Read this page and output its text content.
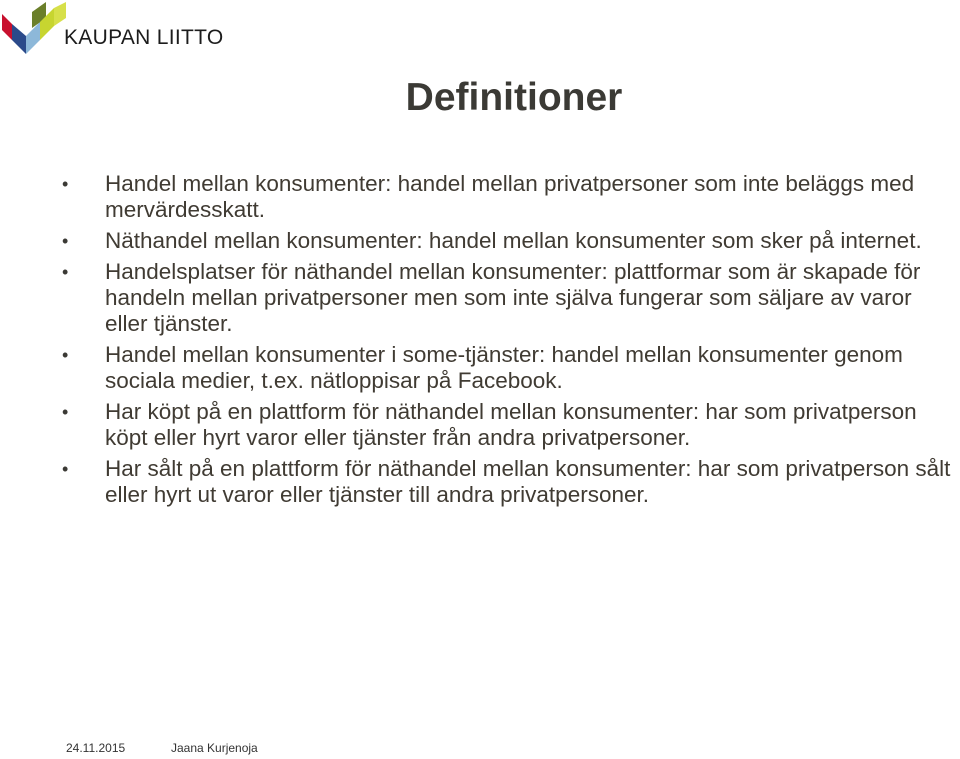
KAUPAN LIITTO
Definitioner
• Handel mellan konsumenter: handel mellan privatpersoner som inte beläggs med mervärdesskatt.
• Näthandel mellan konsumenter: handel mellan konsumenter som sker på internet.
• Handelsplatser för näthandel mellan konsumenter: plattformar som är skapade för handeln mellan privatpersoner men som inte själva fungerar som säljare av varor eller tjänster.
• Handel mellan konsumenter i some-tjänster: handel mellan konsumenter genom sociala medier, t.ex. nätloppisar på Facebook.
• Har köpt på en plattform för näthandel mellan konsumenter: har som privatperson köpt eller hyrt varor eller tjänster från andra privatpersoner.
• Har sålt på en plattform för näthandel mellan konsumenter: har som privatperson sålt eller hyrt ut varor eller tjänster till andra privatpersoner.
24.11.2015	Jaana Kurjenoja
